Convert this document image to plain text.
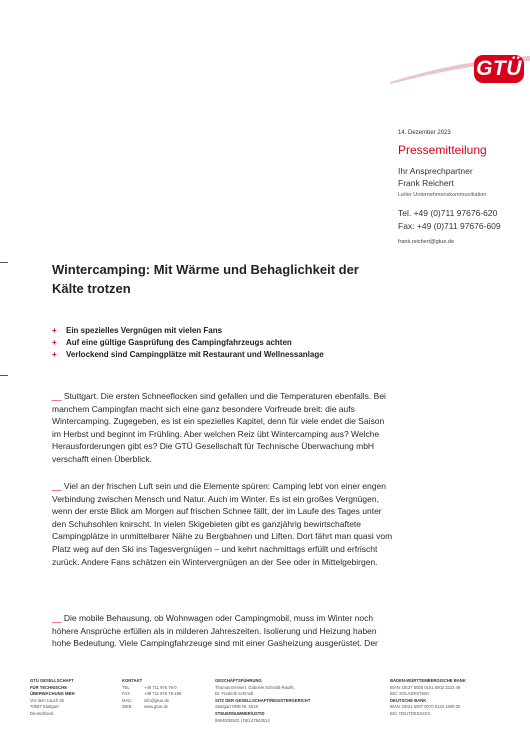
GTÜ
14. Dezember 2023
Pressemitteilung
Ihr Ansprechpartner
Frank Reichert
Leiter Unternehmenskommunikation
Tel. +49 (0)711 97676-620
Fax: +49 (0)711 97676-609
frank.reichert@gtue.de
Wintercamping: Mit Wärme und Behaglichkeit der Kälte trotzen
+ Ein spezielles Vergnügen mit vielen Fans
+ Auf eine gültige Gasprüfung des Campingfahrzeugs achten
+ Verlockend sind Campingplätze mit Restaurant und Wellnessanlage

__ Stuttgart. Die ersten Schneeflocken sind gefallen und die Temperaturen ebenfalls. Bei manchem Campingfan macht sich eine ganz besondere Vorfreude breit: die aufs Wintercamping. Zugegeben, es ist ein spezielles Kapitel, denn für viele endet die Saison im Herbst und beginnt im Frühling. Aber welchen Reiz übt Wintercamping aus? Welche Herausforderungen gibt es? Die GTÜ Gesellschaft für Technische Überwachung mbH verschafft einen Überblick.

__ Viel an der frischen Luft sein und die Elemente spüren: Camping lebt von einer engen Verbindung zwischen Mensch und Natur. Auch im Winter. Es ist ein großes Vergnügen, wenn der erste Blick am Morgen auf frischen Schnee fällt, der im Laufe des Tages unter den Schuhsohlen knirscht. In vielen Skigebieten gibt es ganzjährig bewirtschaftete Campingplätze in unmittelbarer Nähe zu Bergbahnen und Liften. Dort fährt man quasi vom Platz weg auf den Ski ins Tagesvergnügen – und kehrt nachmittags erfüllt und erfrischt zurück. Andere Fans schätzen ein Wintervergnügen an der See oder in Mittelgebirgen.

__ Die mobile Behausung, ob Wohnwagen oder Campingmobil, muss im Winter noch höhere Ansprüche erfüllen als in milderen Jahreszeiten. Isolierung und Heizung haben hohe Bedeutung. Viele Campingfahrzeuge sind mit einer Gasheizung ausgerüstet. Der

GTÜ GESELLSCHAFT
FÜR TECHNISCHE
ÜBERWACHUNG MBH
Vor dem Lauch 25
70567 Stuttgart
Deutschland
KONTAKT
TEL	+49 711 976 76-0
FAX	+49 711 976 76-199
MAIL	info@gtue.de
WEB	www.gtue.de
GESCHÄFTSFÜHRUNG
Thomas Emmert, Gabriele Schmidt-Raulfs,
Dr. Frederik Schmidt
SITZ DER GESELLSCHAFT/REGISTERGERICHT
Stuttgart HRB Nr. 5618
STEUERNUMMER/USTID
99040/36522 | DE147843514
BADEN-WÜRTTEMBERGISCHE BANK
IBAN: DE37 6005 0101 0002 3223 46
BIC: SOLADEST600
DEUTSCHE BANK
IBAN: DE21 6007 0070 0134 1809 00
BIC: DEUTDESSXXX
